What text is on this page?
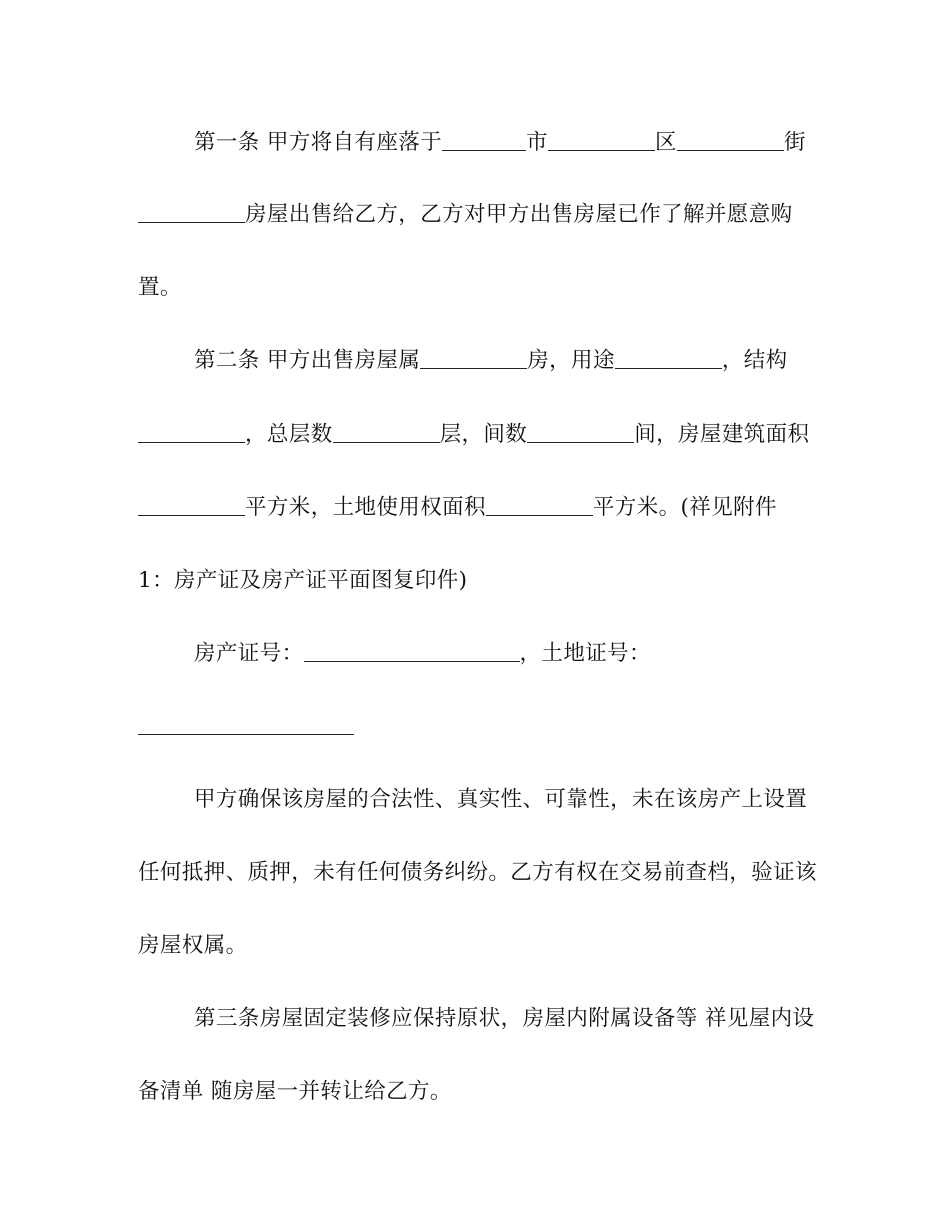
第一条 甲方将自有座落于	市	区	街
房屋出售给乙方，乙方对甲方出售房屋已作了解并愿意购
置。
第二条 甲方出售房屋属	房，用途	，结构
，总层数	层，间数	间，房屋建筑面积
平方米，土地使用权面积	平方米。(祥见附件
1：房产证及房产证平面图复印件)
房产证号：	，土地证号：
甲方确保该房屋的合法性、真实性、可靠性，未在该房产上设置
任何抵押、质押，未有任何债务纠纷。乙方有权在交易前查档，验证该
房屋权属。
第三条房屋固定装修应保持原状，房屋内附属设备等 祥见屋内设
备清单 随房屋一并转让给乙方。
